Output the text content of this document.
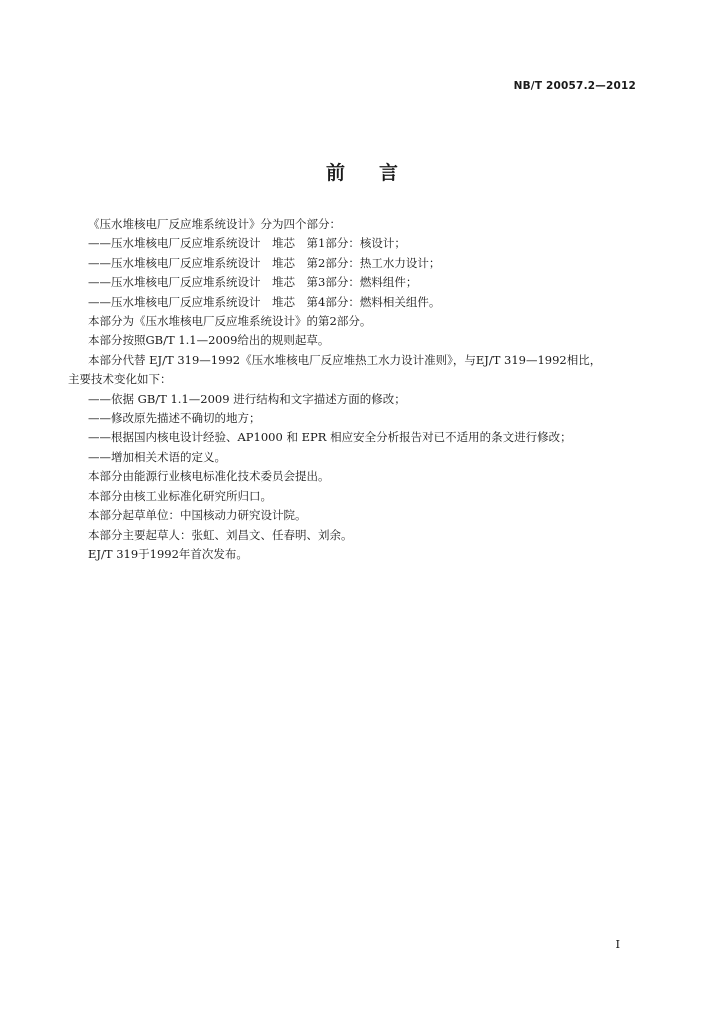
NB/T 20057.2—2012
前言
《压水堆核电厂反应堆系统设计》分为四个部分：
——压水堆核电厂反应堆系统设计　堆芯　第1部分：核设计；
——压水堆核电厂反应堆系统设计　堆芯　第2部分：热工水力设计；
——压水堆核电厂反应堆系统设计　堆芯　第3部分：燃料组件；
——压水堆核电厂反应堆系统设计　堆芯　第4部分：燃料相关组件。
本部分为《压水堆核电厂反应堆系统设计》的第2部分。
本部分按照GB/T 1.1—2009给出的规则起草。
本部分代替 EJ/T 319—1992《压水堆核电厂反应堆热工水力设计准则》，与EJ/T 319—1992相比，
主要技术变化如下：
——依据 GB/T 1.1—2009 进行结构和文字描述方面的修改；
——修改原先描述不确切的地方；
——根据国内核电设计经验、AP1000 和 EPR 相应安全分析报告对已不适用的条文进行修改；
——增加相关术语的定义。
本部分由能源行业核电标准化技术委员会提出。
本部分由核工业标准化研究所归口。
本部分起草单位：中国核动力研究设计院。
本部分主要起草人：张虹、刘昌文、任春明、刘余。
EJ/T 319于1992年首次发布。
I
